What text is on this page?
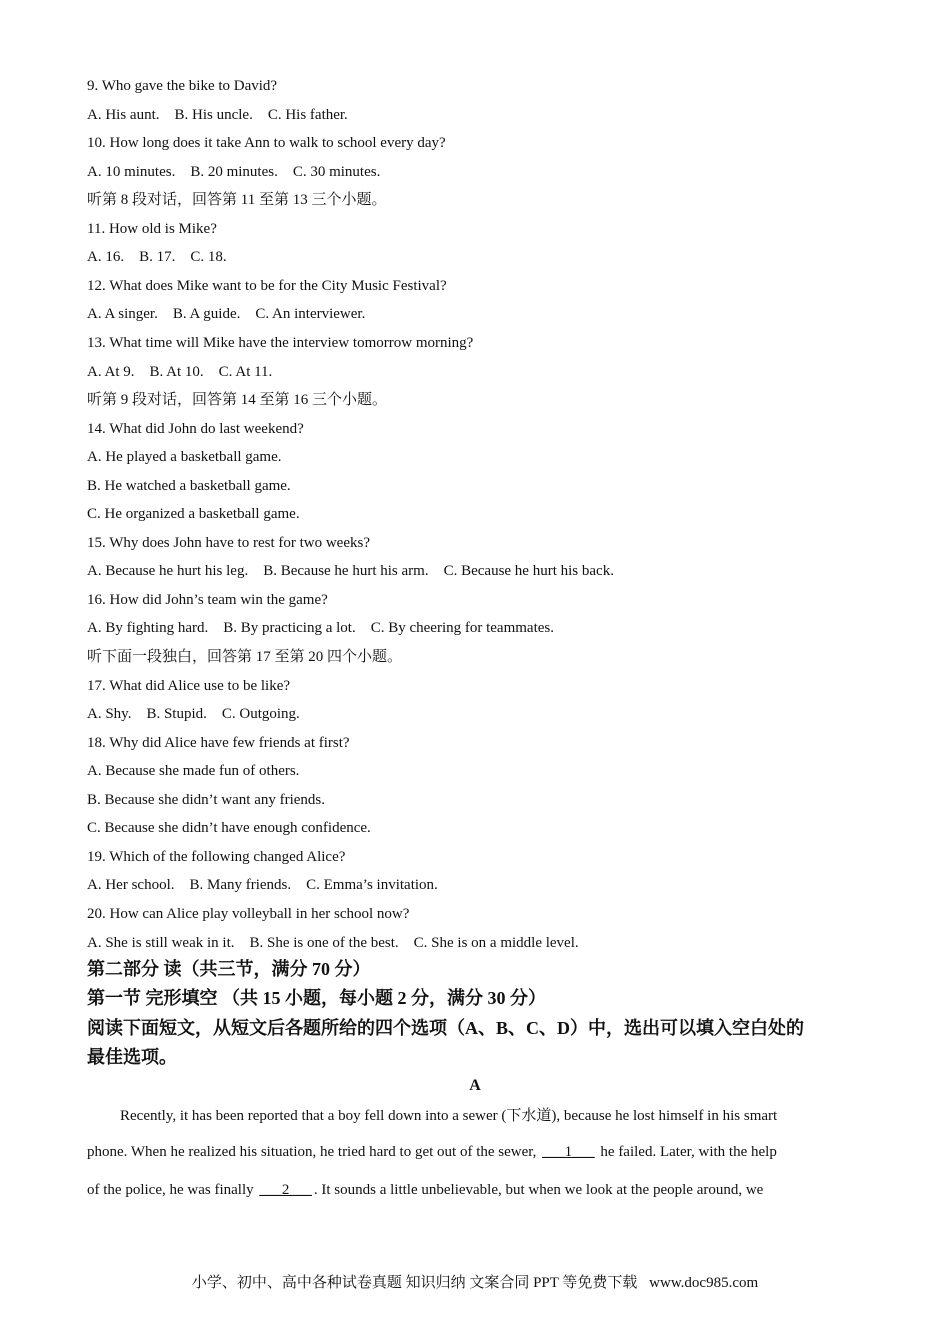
9. Who gave the bike to David?
A. His aunt.    B. His uncle.    C. His father.
10. How long does it take Ann to walk to school every day?
A. 10 minutes.    B. 20 minutes.    C. 30 minutes.
听第 8 段对话，回答第 11 至第 13 三个小题。
11. How old is Mike?
A. 16.    B. 17.    C. 18.
12. What does Mike want to be for the City Music Festival?
A. A singer.    B. A guide.    C. An interviewer.
13. What time will Mike have the interview tomorrow morning?
A. At 9.    B. At 10.    C. At 11.
听第 9 段对话，回答第 14 至第 16 三个小题。
14. What did John do last weekend?
A. He played a basketball game.
B. He watched a basketball game.
C. He organized a basketball game.
15. Why does John have to rest for two weeks?
A. Because he hurt his leg.    B. Because he hurt his arm.    C. Because he hurt his back.
16. How did John’s team win the game?
A. By fighting hard.    B. By practicing a lot.    C. By cheering for teammates.
听下面一段独白，回答第 17 至第 20 四个小题。
17. What did Alice use to be like?
A. Shy.    B. Stupid.    C. Outgoing.
18. Why did Alice have few friends at first?
A. Because she made fun of others.
B. Because she didn’t want any friends.
C. Because she didn’t have enough confidence.
19. Which of the following changed Alice?
A. Her school.    B. Many friends.    C. Emma’s invitation.
20. How can Alice play volleyball in her school now?
A. She is still weak in it.    B. She is one of the best.    C. She is on a middle level.
第二部分 读（共三节，满分 70 分）
第一节 完形填空 （共 15 小题，每小题 2 分，满分 30 分）
阅读下面短文，从短文后各题所给的四个选项（A、B、C、D）中，选出可以填入空白处的
最佳选项。
A
Recently, it has been reported that a boy fell down into a sewer (下水道), because he lost himself in his smart
phone. When he realized his situation, he tried hard to get out of the sewer, ___1___ he failed. Later, with the help
of the police, he was finally ___2___ . It sounds a little unbelievable, but when we look at the people around, we
小学、初中、高中各种试卷真题 知识归纳 文案合同 PPT 等免费下载 www.doc985.com
